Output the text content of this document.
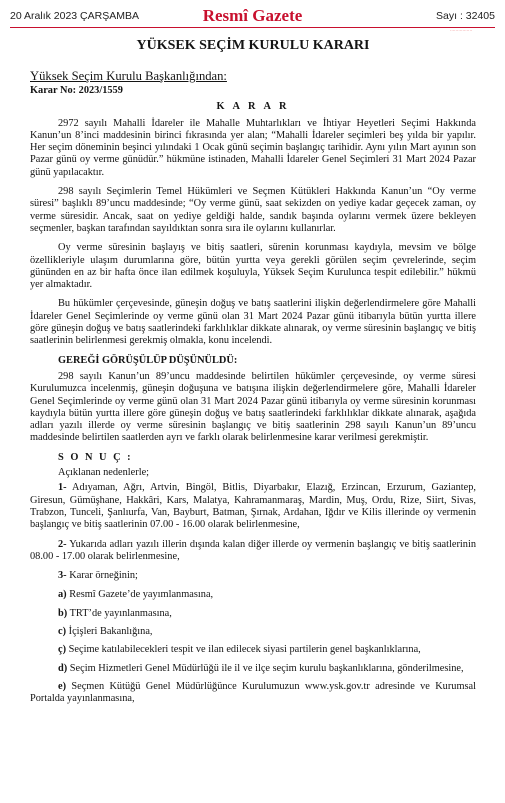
20 Aralık 2023 ÇARŞAMBA	Resmî Gazete	Sayı : 32405
................
YÜKSEK SEÇİM KURULU KARARI
Yüksek Seçim Kurulu Başkanlığından:
Karar No: 2023/1559
K A R A R

2972 sayılı Mahalli İdareler ile Mahalle Muhtarlıkları ve İhtiyar Heyetleri Seçimi Hakkında Kanun’un 8’inci maddesinin birinci fıkrasında yer alan; “Mahalli İdareler seçimleri beş yılda bir yapılır. Her seçim döneminin beşinci yılındaki 1 Ocak günü seçimin başlangıç tarihidir. Aynı yılın Mart ayının son Pazar günü oy verme günüdür.” hükmüne istinaden, Mahalli İdareler Genel Seçimleri 31 Mart 2024 Pazar günü yapılacaktır.

298 sayılı Seçimlerin Temel Hükümleri ve Seçmen Kütükleri Hakkında Kanun’un “Oy verme süresi” başlıklı 89’uncu maddesinde; “Oy verme günü, saat sekizden on yediye kadar geçecek zaman, oy verme süresidir. Ancak, saat on yediye geldiği halde, sandık başında oylarını vermek üzere bekleyen seçmenler, başkan tarafından sayıldıktan sonra sıra ile oylarını kullanırlar.

Oy verme süresinin başlayış ve bitiş saatleri, sürenin korunması kaydıyla, mevsim ve bölge özellikleriyle ulaşım durumlarına göre, bütün yurtta veya gerekli görülen seçim çevrelerinde, seçim gününden en az bir hafta önce ilan edilmek koşuluyla, Yüksek Seçim Kurulunca tespit edilebilir.” hükmü yer almaktadır.

Bu hükümler çerçevesinde, güneşin doğuş ve batış saatlerini ilişkin değerlendirmelere göre Mahalli İdareler Genel Seçimlerinde oy verme günü olan 31 Mart 2024 Pazar günü itibarıyla bütün yurtta illere göre güneşin doğuş ve batış saatlerindeki farklılıklar dikkate alınarak, oy verme süresinin başlangıç ve bitiş saatlerinin belirlenmesi gerekmiş olmakla, konu incelendi.

GEREĞİ GÖRÜŞÜLÜP DÜŞÜNÜLDÜ:

298 sayılı Kanun’un 89’uncu maddesinde belirtilen hükümler çerçevesinde, oy verme süresi Kurulumuzca incelenmiş, güneşin doğuşuna ve batışına ilişkin değerlendirmelere göre, Mahalli İdareler Genel Seçimlerinde oy verme günü olan 31 Mart 2024 Pazar günü itibarıyla oy verme süresinin korunması kaydıyla bütün yurtta illere göre güneşin doğuş ve batış saatlerindeki farklılıklar dikkate alınarak, aşağıda adları yazılı illerde oy verme süresinin başlangıç ve bitiş saatlerinin 298 sayılı Kanun’un 89’uncu maddesinde belirtilen saatlerden ayrı ve farklı olarak belirlenmesine karar verilmesi gerekmiştir.

S O N U Ç :
Açıklanan nedenlerle;

1- Adıyaman, Ağrı, Artvin, Bingöl, Bitlis, Diyarbakır, Elazığ, Erzincan, Erzurum, Gaziantep, Giresun, Gümüşhane, Hakkâri, Kars, Malatya, Kahramanmaraş, Mardin, Muş, Ordu, Rize, Siirt, Sivas, Trabzon, Tunceli, Şanlıurfa, Van, Bayburt, Batman, Şırnak, Ardahan, Iğdır ve Kilis illerinde oy vermenin başlangıç ve bitiş saatlerinin 07.00 - 16.00 olarak belirlenmesine,

2- Yukarıda adları yazılı illerin dışında kalan diğer illerde oy vermenin başlangıç ve bitiş saatlerinin 08.00 - 17.00 olarak belirlenmesine,

3- Karar örneğinin;

a) Resmî Gazete’de yayımlanmasına,

b) TRT’de yayınlanmasına,

c) İçişleri Bakanlığına,

ç) Seçime katılabilecekleri tespit ve ilan edilecek siyasi partilerin genel başkanlıklarına,

d) Seçim Hizmetleri Genel Müdürlüğü ile il ve ilçe seçim kurulu başkanlıklarına, gönderilmesine,

e) Seçmen Kütüğü Genel Müdürlüğünce Kurulumuzun www.ysk.gov.tr adresinde ve Kurumsal Portalda yayınlanmasına,
